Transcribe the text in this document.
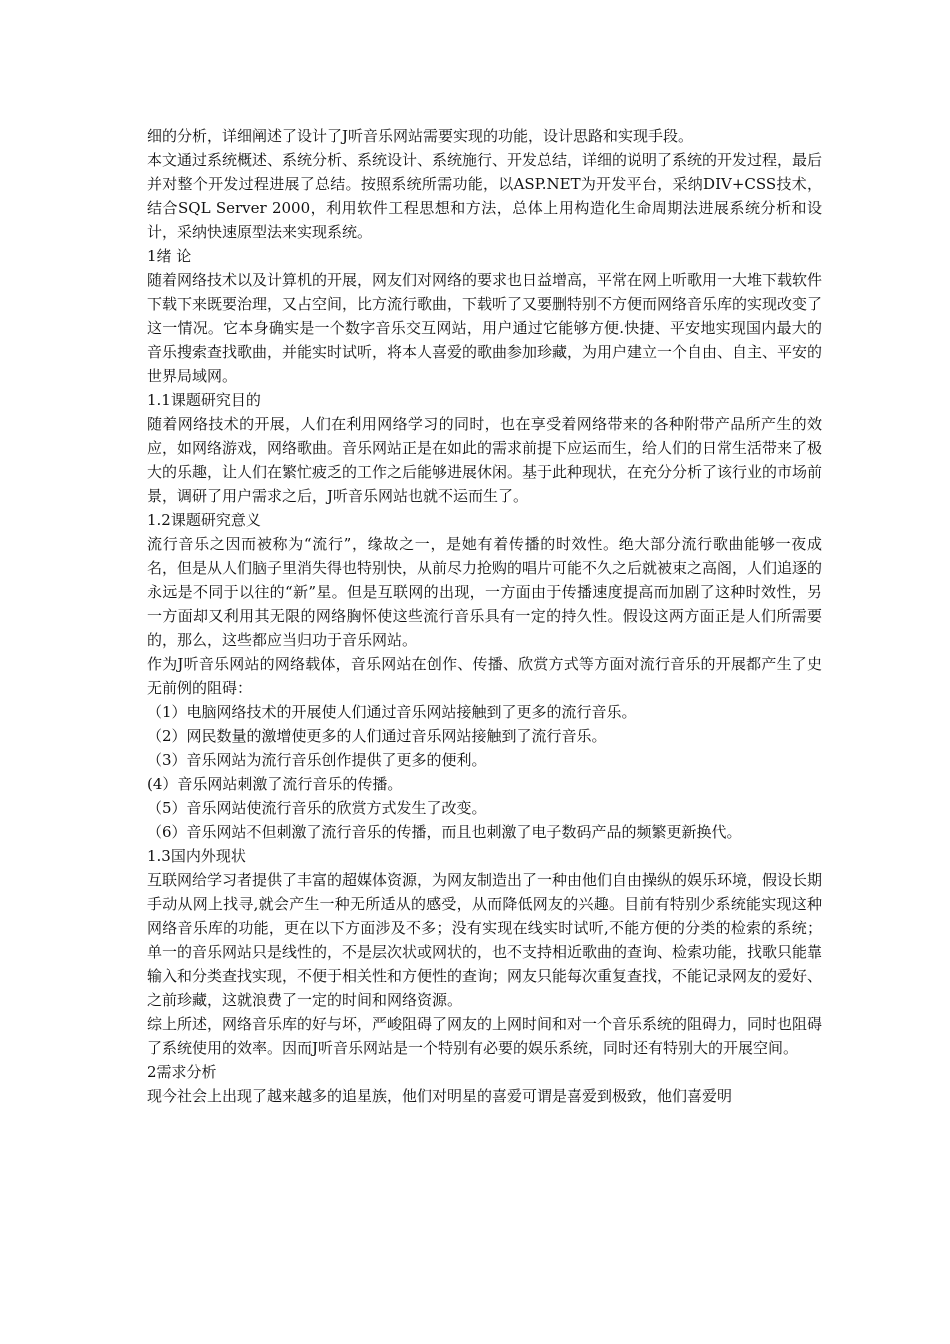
细的分析，详细阐述了设计了J听音乐网站需要实现的功能，设计思路和实现手段。

本文通过系统概述、系统分析、系统设计、系统施行、开发总结，详细的说明了系统的开发过程，最后并对整个开发过程进展了总结。按照系统所需功能，以ASP.NET为开发平台，采纳DIV+CSS技术，结合SQL Server 2000，利用软件工程思想和方法，总体上用构造化生命周期法进展系统分析和设计，采纳快速原型法来实现系统。

1绪 论

随着网络技术以及计算机的开展，网友们对网络的要求也日益增高，平常在网上听歌用一大堆下载软件下载下来既要治理，又占空间，比方流行歌曲，下载听了又要删特别不方便而网络音乐库的实现改变了这一情况。它本身确实是一个数字音乐交互网站，用户通过它能够方便.快捷、平安地实现国内最大的音乐搜索查找歌曲，并能实时试听，将本人喜爱的歌曲参加珍藏，为用户建立一个自由、自主、平安的世界局域网。

1.1课题研究目的

随着网络技术的开展，人们在利用网络学习的同时，也在享受着网络带来的各种附带产品所产生的效应，如网络游戏，网络歌曲。音乐网站正是在如此的需求前提下应运而生，给人们的日常生活带来了极大的乐趣，让人们在繁忙疲乏的工作之后能够进展休闲。基于此种现状，在充分分析了该行业的市场前景，调研了用户需求之后，J听音乐网站也就不运而生了。

1.2课题研究意义

流行音乐之因而被称为“流行”，缘故之一，是她有着传播的时效性。绝大部分流行歌曲能够一夜成名，但是从人们脑子里消失得也特别快，从前尽力抢购的唱片可能不久之后就被束之高阁，人们追逐的永远是不同于以往的“新”星。但是互联网的出现，一方面由于传播速度提高而加剧了这种时效性，另一方面却又利用其无限的网络胸怀使这些流行音乐具有一定的持久性。假设这两方面正是人们所需要的，那么，这些都应当归功于音乐网站。

作为J听音乐网站的网络载体，音乐网站在创作、传播、欣赏方式等方面对流行音乐的开展都产生了史无前例的阻碍：

（1）电脑网络技术的开展使人们通过音乐网站接触到了更多的流行音乐。

（2）网民数量的激增使更多的人们通过音乐网站接触到了流行音乐。

（3）音乐网站为流行音乐创作提供了更多的便利。

(4）音乐网站刺激了流行音乐的传播。

（5）音乐网站使流行音乐的欣赏方式发生了改变。

（6）音乐网站不但刺激了流行音乐的传播，而且也刺激了电子数码产品的频繁更新换代。

1.3国内外现状

互联网给学习者提供了丰富的超媒体资源，为网友制造出了一种由他们自由操纵的娱乐环境，假设长期手动从网上找寻,就会产生一种无所适从的感受，从而降低网友的兴趣。目前有特别少系统能实现这种网络音乐库的功能，更在以下方面涉及不多；没有实现在线实时试听,不能方便的分类的检索的系统；单一的音乐网站只是线性的，不是层次状或网状的，也不支持相近歌曲的查询、检索功能，找歌只能靠输入和分类查找实现，不便于相关性和方便性的查询；网友只能每次重复查找，不能记录网友的爱好、之前珍藏，这就浪费了一定的时间和网络资源。

综上所述，网络音乐库的好与坏，严峻阻碍了网友的上网时间和对一个音乐系统的阻碍力，同时也阻碍了系统使用的效率。因而J听音乐网站是一个特别有必要的娱乐系统，同时还有特别大的开展空间。

2需求分析

现今社会上出现了越来越多的追星族，他们对明星的喜爱可谓是喜爱到极致，他们喜爱明
